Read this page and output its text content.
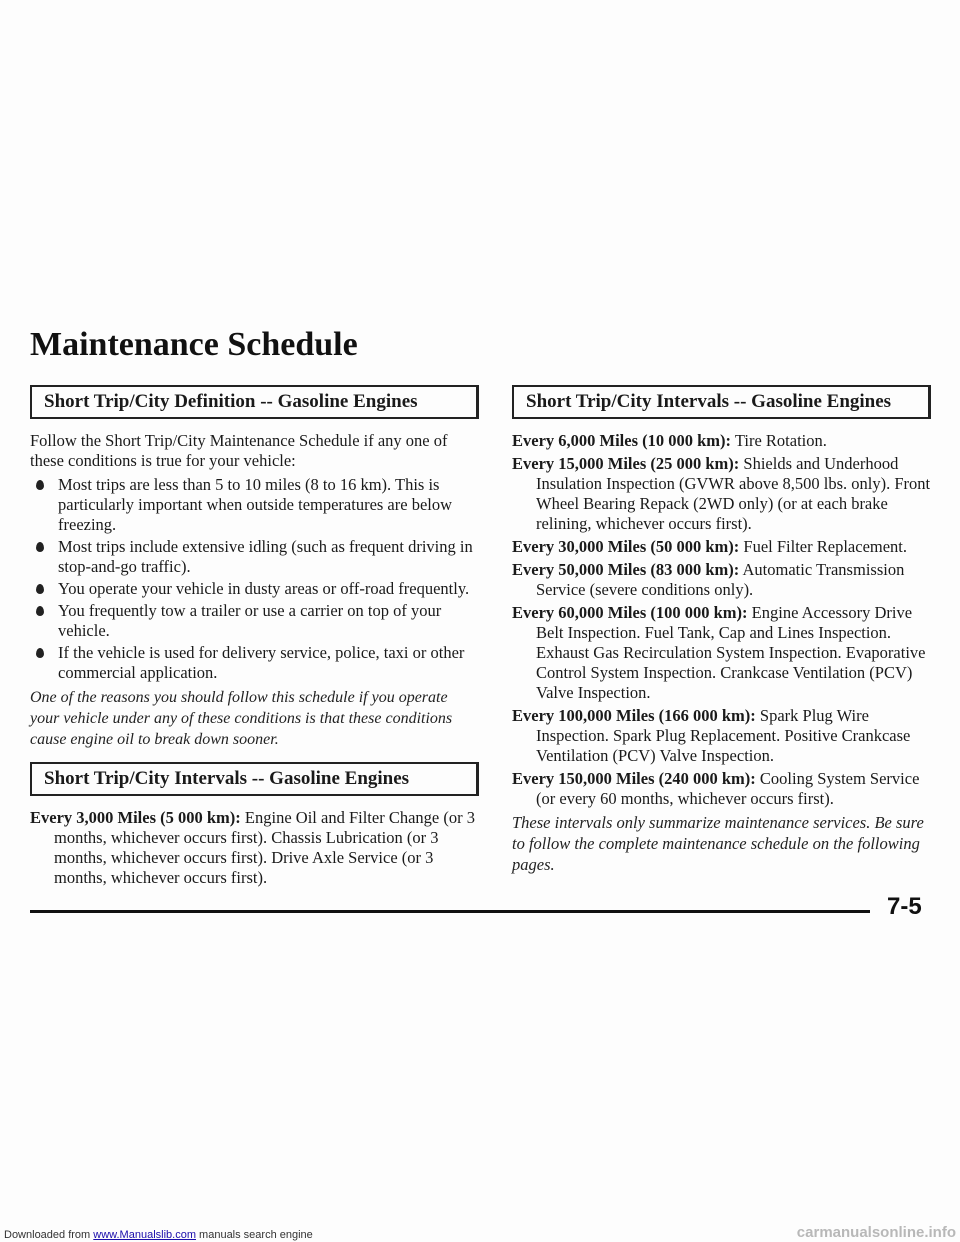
Maintenance Schedule
Short Trip/City Definition -- Gasoline Engines

Follow the Short Trip/City Maintenance Schedule if any one of these conditions is true for your vehicle:

Most trips are less than 5 to 10 miles (8 to 16 km). This is particularly important when outside temperatures are below freezing.
Most trips include extensive idling (such as frequent driving in stop-and-go traffic).
You operate your vehicle in dusty areas or off-road frequently.
You frequently tow a trailer or use a carrier on top of your vehicle.
If the vehicle is used for delivery service, police, taxi or other commercial application.

One of the reasons you should follow this schedule if you operate your vehicle under any of these conditions is that these conditions cause engine oil to break down sooner.

Short Trip/City Intervals -- Gasoline Engines
Every 3,000 Miles (5 000 km): Engine Oil and Filter Change (or 3 months, whichever occurs first). Chassis Lubrication (or 3 months, whichever occurs first). Drive Axle Service (or 3 months, whichever occurs first).
Short Trip/City Intervals -- Gasoline Engines
Every 6,000 Miles (10 000 km): Tire Rotation.
Every 15,000 Miles (25 000 km): Shields and Underhood Insulation Inspection (GVWR above 8,500 lbs. only). Front Wheel Bearing Repack (2WD only) (or at each brake relining, whichever occurs first).
Every 30,000 Miles (50 000 km): Fuel Filter Replacement.
Every 50,000 Miles (83 000 km): Automatic Transmission Service (severe conditions only).
Every 60,000 Miles (100 000 km): Engine Accessory Drive Belt Inspection. Fuel Tank, Cap and Lines Inspection. Exhaust Gas Recirculation System Inspection. Evaporative Control System Inspection. Crankcase Ventilation (PCV) Valve Inspection.
Every 100,000 Miles (166 000 km): Spark Plug Wire Inspection. Spark Plug Replacement. Positive Crankcase Ventilation (PCV) Valve Inspection.
Every 150,000 Miles (240 000 km): Cooling System Service (or every 60 months, whichever occurs first).

These intervals only summarize maintenance services. Be sure to follow the complete maintenance schedule on the following pages.

7-5
Downloaded from www.Manualslib.com manuals search engine	carmanualsonline.info
